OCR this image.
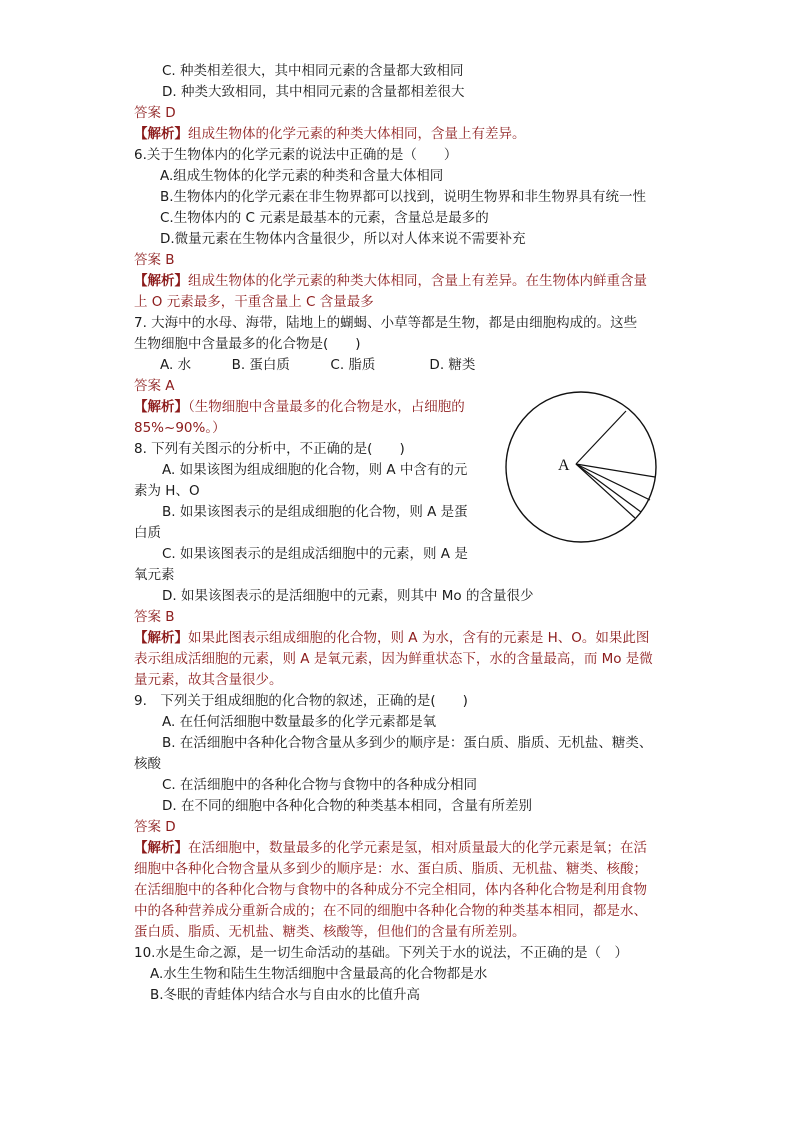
C. 种类相差很大，其中相同元素的含量都大致相同
D. 种类大致相同，其中相同元素的含量都相差很大
答案 D
【解析】组成生物体的化学元素的种类大体相同，含量上有差异。
6.关于生物体内的化学元素的说法中正确的是（　　）
A.组成生物体的化学元素的种类和含量大体相同
B.生物体内的化学元素在非生物界都可以找到，说明生物界和非生物界具有统一性
C.生物体内的 C 元素是最基本的元素，含量总是最多的
D.微量元素在生物体内含量很少，所以对人体来说不需要补充
答案 B
【解析】组成生物体的化学元素的种类大体相同，含量上有差异。在生物体内鲜重含量
上 O 元素最多，干重含量上 C 含量最多
7. 大海中的水母、海带，陆地上的蝴蝎、小草等都是生物，都是由细胞构成的。这些
生物细胞中含量最多的化合物是(　　)
A. 水　　　B. 蛋白质　　　C. 脂质　　　　D. 糖类
答案 A
【解析】（生物细胞中含量最多的化合物是水，占细胞的
85%~90%。）
8. 下列有关图示的分析中，不正确的是(　　)
A. 如果该图为组成细胞的化合物，则 A 中含有的元
素为 H、O
B. 如果该图表示的是组成细胞的化合物，则 A 是蛋
白质
C. 如果该图表示的是组成活细胞中的元素，则 A 是
氧元素
D. 如果该图表示的是活细胞中的元素，则其中 Mo 的含量很少
答案 B
【解析】如果此图表示组成细胞的化合物，则 A 为水，含有的元素是 H、O。如果此图
表示组成活细胞的元素，则 A 是氧元素，因为鲜重状态下，水的含量最高，而 Mo 是微
量元素，故其含量很少。
9.　下列关于组成细胞的化合物的叙述，正确的是(　　)
A. 在任何活细胞中数量最多的化学元素都是氧
B. 在活细胞中各种化合物含量从多到少的顺序是：蛋白质、脂质、无机盐、糖类、
核酸
C. 在活细胞中的各种化合物与食物中的各种成分相同
D. 在不同的细胞中各种化合物的种类基本相同，含量有所差别
答案 D
【解析】在活细胞中，数量最多的化学元素是氢，相对质量最大的化学元素是氧；在活
细胞中各种化合物含量从多到少的顺序是：水、蛋白质、脂质、无机盐、糖类、核酸；
在活细胞中的各种化合物与食物中的各种成分不完全相同，体内各种化合物是利用食物
中的各种营养成分重新合成的；在不同的细胞中各种化合物的种类基本相同，都是水、
蛋白质、脂质、无机盐、糖类、核酸等，但他们的含量有所差别。
10.水是生命之源，是一切生命活动的基础。下列关于水的说法，不正确的是（　）
A.水生生物和陆生生物活细胞中含量最高的化合物都是水
B.冬眠的青蛙体内结合水与自由水的比值升高
A
